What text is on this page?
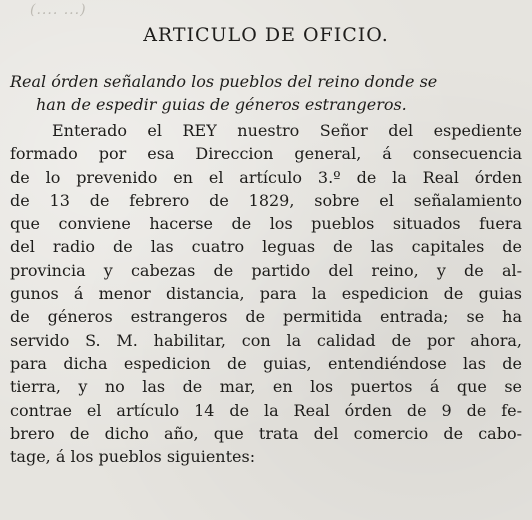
(.... ...)
ARTICULO DE OFICIO.
Real órden señalando los pueblos del reino donde se
han de espedir guias de géneros estrangeros.
Enterado el REY nuestro Señor del espediente
formado por esa Direccion general, á consecuencia
de lo prevenido en el artículo 3.º de la Real órden
de 13 de febrero de 1829, sobre el señalamiento
que conviene hacerse de los pueblos situados fuera
del radio de las cuatro leguas de las capitales de
provincia y cabezas de partido del reino, y de al-
gunos á menor distancia, para la espedicion de guias
de géneros estrangeros de permitida entrada; se ha
servido S. M. habilitar, con la calidad de por ahora,
para dicha espedicion de guias, entendiéndose las de
tierra, y no las de mar, en los puertos á que se
contrae el artículo 14 de la Real órden de 9 de fe-
brero de dicho año, que trata del comercio de cabo-
tage, á los pueblos siguientes:
